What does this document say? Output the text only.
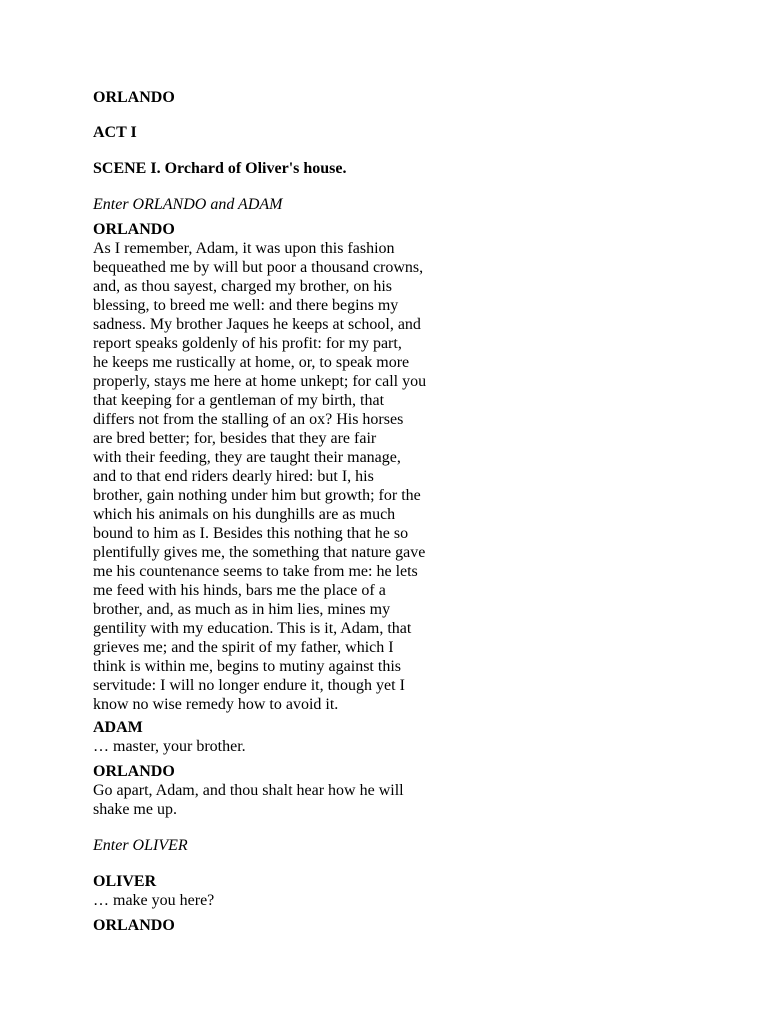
ORLANDO
ACT I
SCENE I. Orchard of Oliver's house.
Enter ORLANDO and ADAM
ORLANDO
As I remember, Adam, it was upon this fashion
bequeathed me by will but poor a thousand crowns,
and, as thou sayest, charged my brother, on his
blessing, to breed me well: and there begins my
sadness. My brother Jaques he keeps at school, and
report speaks goldenly of his profit: for my part,
he keeps me rustically at home, or, to speak more
properly, stays me here at home unkept; for call you
that keeping for a gentleman of my birth, that
differs not from the stalling of an ox? His horses
are bred better; for, besides that they are fair
with their feeding, they are taught their manage,
and to that end riders dearly hired: but I, his
brother, gain nothing under him but growth; for the
which his animals on his dunghills are as much
bound to him as I. Besides this nothing that he so
plentifully gives me, the something that nature gave
me his countenance seems to take from me: he lets
me feed with his hinds, bars me the place of a
brother, and, as much as in him lies, mines my
gentility with my education. This is it, Adam, that
grieves me; and the spirit of my father, which I
think is within me, begins to mutiny against this
servitude: I will no longer endure it, though yet I
know no wise remedy how to avoid it.
ADAM
… master, your brother.
ORLANDO
Go apart, Adam, and thou shalt hear how he will
shake me up.
Enter OLIVER
OLIVER
… make you here?
ORLANDO
